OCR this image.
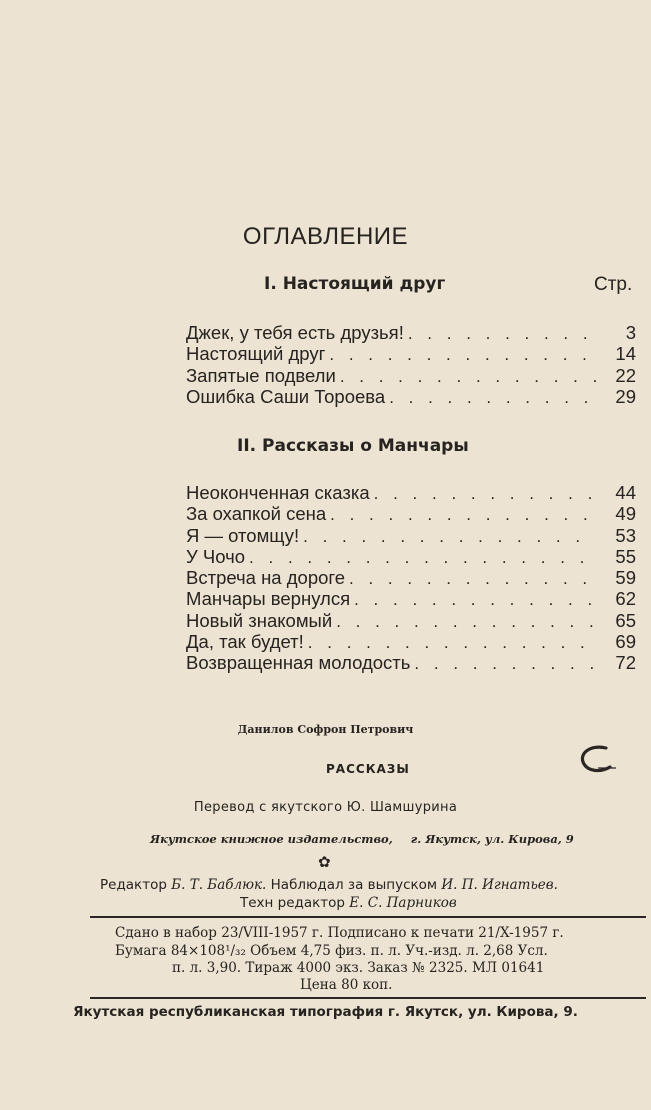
ОГЛАВЛЕНИЕ
I. Настоящий друг	Стр.
Джек, у тебя есть друзья! . . .	3
Настоящий друг . . .	14
Запятые подвели . . .	22
Ошибка Саши Тороева . . .	29
II. Рассказы о Манчары
Неоконченная сказка . . .	44
За охапкой сена . . .	49
Я — отомщу! . . .	53
У Чочо . . .	55
Встреча на дороге . . .	59
Манчары вернулся . . .	62
Новый знакомый . . .	65
Да, так будет! . . .	69
Возвращенная молодость . . .	72
Данилов Софрон Петрович
РАССКАЗЫ
Перевод с якутского Ю. Шамшурина
Якутское книжное издательство, г. Якутск, ул. Кирова, 9
✿
Редактор Б. Т. Баблюк. Наблюдал за выпуском И. П. Игнатьев.
Техн редактор Е. С. Парников
Сдано в набор 23/VIII-1957 г. Подписано к печати 21/X-1957 г.
Бумага 84×108¹/₃₂ Объем 4,75 физ. п. л. Уч.-изд. л. 2,68 Усл.
п. л. 3,90. Тираж 4000 экз. Заказ № 2325. МЛ 01641
Цена 80 коп.
Якутская республиканская типография г. Якутск, ул. Кирова, 9.
